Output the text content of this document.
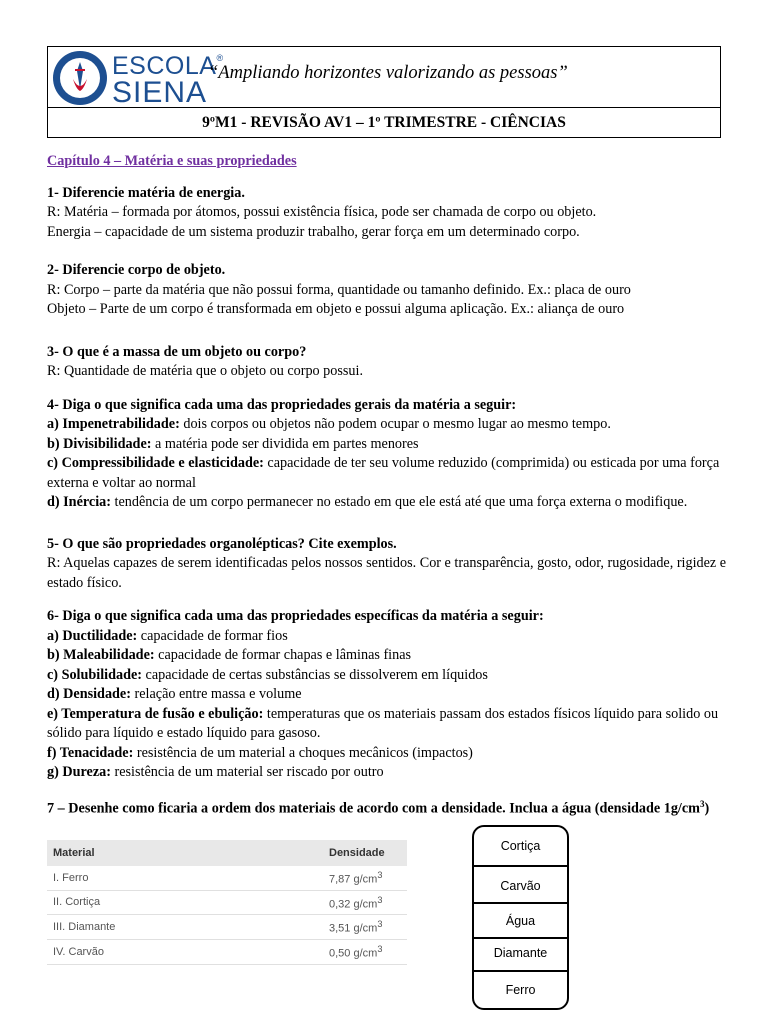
ESCOLA®
SIENA
“Ampliando horizontes valorizando as pessoas”
9ºM1 - REVISÃO AV1 – 1º TRIMESTRE - CIÊNCIAS

Capítulo 4 – Matéria e suas propriedades

1- Diferencie matéria de energia.

R: Matéria – formada por átomos, possui existência física, pode ser chamada de corpo ou objeto.

Energia – capacidade de um sistema produzir trabalho, gerar força em um determinado corpo.

2- Diferencie corpo de objeto.

R: Corpo – parte da matéria que não possui forma, quantidade ou tamanho definido. Ex.: placa de ouro

Objeto – Parte de um corpo é transformada em objeto e possui alguma aplicação. Ex.: aliança de ouro

3- O que é a massa de um objeto ou corpo?

R: Quantidade de matéria que o objeto ou corpo possui.

4- Diga o que significa cada uma das propriedades gerais da matéria a seguir:

a) Impenetrabilidade: dois corpos ou objetos não podem ocupar o mesmo lugar ao mesmo tempo.

b) Divisibilidade: a matéria pode ser dividida em partes menores

c) Compressibilidade e elasticidade: capacidade de ter seu volume reduzido (comprimida) ou esticada por uma força externa e voltar ao normal

d) Inércia: tendência de um corpo permanecer no estado em que ele está até que uma força externa o modifique.

5- O que são propriedades organolépticas? Cite exemplos.

R: Aquelas capazes de serem identificadas pelos nossos sentidos. Cor e transparência, gosto, odor, rugosidade, rigidez e estado físico.

6- Diga o que significa cada uma das propriedades específicas da matéria a seguir:

a) Ductilidade: capacidade de formar fios

b) Maleabilidade: capacidade de formar chapas e lâminas finas

c) Solubilidade: capacidade de certas substâncias se dissolverem em líquidos

d) Densidade: relação entre massa e volume

e) Temperatura de fusão e ebulição: temperaturas que os materiais passam dos estados físicos líquido para solido ou sólido para líquido e estado líquido para gasoso.

f) Tenacidade: resistência de um material a choques mecânicos (impactos)

g) Dureza: resistência de um material ser riscado por outro

7 – Desenhe como ficaria a ordem dos materiais de acordo com a densidade. Inclua a água (densidade $1g/cm^3$)

Material	Densidade
I. Ferro	7,87 $g/cm^3$
II. Cortiça	0,32 $g/cm^3$
III. Diamante	3,51 $g/cm^3$
IV. Carvão	0,50 $g/cm^3$
Cortiça
Carvão
Água
Diamante
Ferro
